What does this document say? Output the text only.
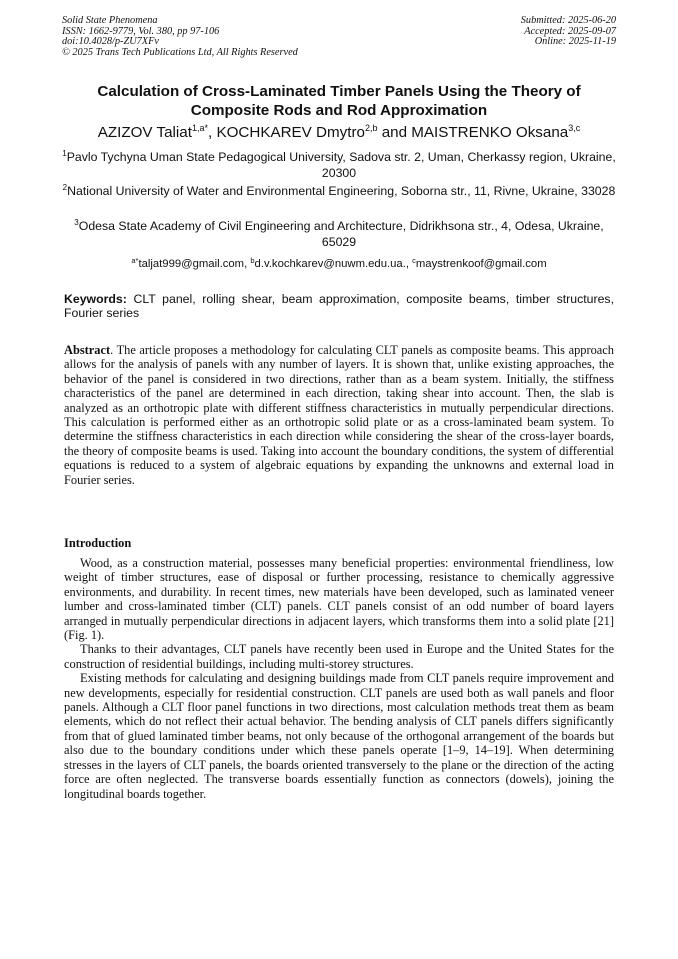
Solid State Phenomena
ISSN: 1662-9779, Vol. 380, pp 97-106
doi:10.4028/p-ZU7XFv
© 2025 Trans Tech Publications Ltd, All Rights Reserved
Submitted: 2025-06-20
Accepted: 2025-09-07
Online: 2025-11-19
Calculation of Cross-Laminated Timber Panels Using the Theory of Composite Rods and Rod Approximation
AZIZOV Taliat$^{1,a*}$, KOCHKAREV Dmytro$^{2,b}$ and MAISTRENKO Oksana$^{3,c}$
$^1$Pavlo Tychyna Uman State Pedagogical University, Sadova str. 2, Uman, Cherkassy region, Ukraine, 20300
$^2$National University of Water and Environmental Engineering, Soborna str., 11, Rivne, Ukraine, 33028
$^3$Odesa State Academy of Civil Engineering and Architecture, Didrikhsona str., 4, Odesa, Ukraine, 65029
$^{a*}$taljat999@gmail.com, $^b$d.v.kochkarev@nuwm.edu.ua., $^c$maystrenkoof@gmail.com
Keywords: CLT panel, rolling shear, beam approximation, composite beams, timber structures, Fourier series

Abstract. The article proposes a methodology for calculating CLT panels as composite beams. This approach allows for the analysis of panels with any number of layers. It is shown that, unlike existing approaches, the behavior of the panel is considered in two directions, rather than as a beam system. Initially, the stiffness characteristics of the panel are determined in each direction, taking shear into account. Then, the slab is analyzed as an orthotropic plate with different stiffness characteristics in mutually perpendicular directions. This calculation is performed either as an orthotropic solid plate or as a cross-laminated beam system. To determine the stiffness characteristics in each direction while considering the shear of the cross-layer boards, the theory of composite beams is used. Taking into account the boundary conditions, the system of differential equations is reduced to a system of algebraic equations by expanding the unknowns and external load in Fourier series.

Introduction

Wood, as a construction material, possesses many beneficial properties: environmental friendliness, low weight of timber structures, ease of disposal or further processing, resistance to chemically aggressive environments, and durability. In recent times, new materials have been developed, such as laminated veneer lumber and cross-laminated timber (CLT) panels. CLT panels consist of an odd number of board layers arranged in mutually perpendicular directions in adjacent layers, which transforms them into a solid plate [21] (Fig. 1).

Thanks to their advantages, CLT panels have recently been used in Europe and the United States for the construction of residential buildings, including multi-storey structures.

Existing methods for calculating and designing buildings made from CLT panels require improvement and new developments, especially for residential construction. CLT panels are used both as wall panels and floor panels. Although a CLT floor panel functions in two directions, most calculation methods treat them as beam elements, which do not reflect their actual behavior. The bending analysis of CLT panels differs significantly from that of glued laminated timber beams, not only because of the orthogonal arrangement of the boards but also due to the boundary conditions under which these panels operate [1–9, 14–19]. When determining stresses in the layers of CLT panels, the boards oriented transversely to the plane or the direction of the acting force are often neglected. The transverse boards essentially function as connectors (dowels), joining the longitudinal boards together.
